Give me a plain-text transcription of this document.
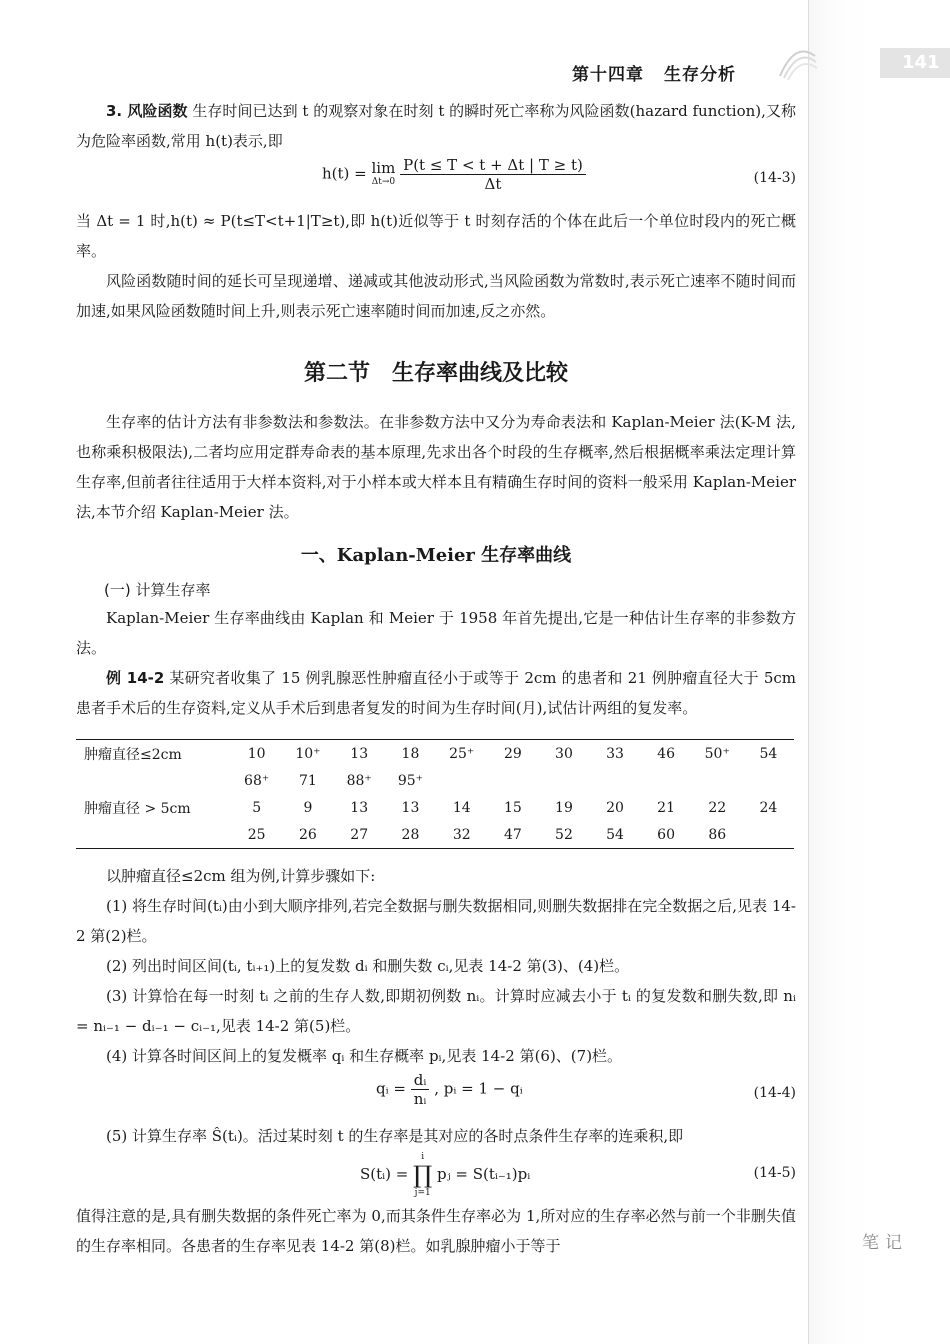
第十四章 生存分析
141
笔记

3. 风险函数 生存时间已达到 t 的观察对象在时刻 t 的瞬时死亡率称为风险函数(hazard function),又称为危险率函数,常用 h(t)表示,即

h(t) = lim
Δt→0
$\frac{P(t \le T < t + \Delta t | T \ge t)}{\Delta t}$	(14-3)

当 Δt = 1 时,h(t) ≈ P(t≤T<t+1|T≥t),即 h(t)近似等于 t 时刻存活的个体在此后一个单位时段内的死亡概率。

风险函数随时间的延长可呈现递增、递减或其他波动形式,当风险函数为常数时,表示死亡速率不随时间而加速,如果风险函数随时间上升,则表示死亡速率随时间而加速,反之亦然。

第二节　生存率曲线及比较

生存率的估计方法有非参数法和参数法。在非参数方法中又分为寿命表法和 Kaplan-Meier 法(K-M 法,也称乘积极限法),二者均应用定群寿命表的基本原理,先求出各个时段的生存概率,然后根据概率乘法定理计算生存率,但前者往往适用于大样本资料,对于小样本或大样本且有精确生存时间的资料一般采用 Kaplan-Meier 法,本节介绍 Kaplan-Meier 法。

一、Kaplan-Meier 生存率曲线
(一) 计算生存率

Kaplan-Meier 生存率曲线由 Kaplan 和 Meier 于 1958 年首先提出,它是一种估计生存率的非参数方法。

例 14-2 某研究者收集了 15 例乳腺恶性肿瘤直径小于或等于 2cm 的患者和 21 例肿瘤直径大于 5cm 患者手术后的生存资料,定义从手术后到患者复发的时间为生存时间(月),试估计两组的复发率。

肿瘤直径≤2cm	10	10⁺	13	18	25⁺	29	30	33	46	50⁺	54
	68⁺	71	88⁺	95⁺							
肿瘤直径 > 5cm	5	9	13	13	14	15	19	20	21	22	24
	25	26	27	28	32	47	52	54	60	86	

以肿瘤直径≤2cm 组为例,计算步骤如下:

(1) 将生存时间(tᵢ)由小到大顺序排列,若完全数据与删失数据相同,则删失数据排在完全数据之后,见表 14-2 第(2)栏。

(2) 列出时间区间(tᵢ, tᵢ₊₁)上的复发数 dᵢ 和删失数 cᵢ,见表 14-2 第(3)、(4)栏。

(3) 计算恰在每一时刻 tᵢ 之前的生存人数,即期初例数 nᵢ。计算时应减去小于 tᵢ 的复发数和删失数,即 nᵢ = nᵢ₋₁ − dᵢ₋₁ − cᵢ₋₁,见表 14-2 第(5)栏。

(4) 计算各时间区间上的复发概率 qᵢ 和生存概率 pᵢ,见表 14-2 第(6)、(7)栏。

qᵢ = $\frac{\text{dᵢ}}{\text{nᵢ}}$ , pᵢ = 1 − qᵢ	(14-4)

(5) 计算生存率 Ŝ(tᵢ)。活过某时刻 t 的生存率是其对应的各时点条件生存率的连乘积,即

S(tᵢ) =
i
∏
j=1
pⱼ = S(tᵢ₋₁)pᵢ	(14-5)

值得注意的是,具有删失数据的条件死亡率为 0,而其条件生存率必为 1,所对应的生存率必然与前一个非删失值的生存率相同。各患者的生存率见表 14-2 第(8)栏。如乳腺肿瘤小于等于
